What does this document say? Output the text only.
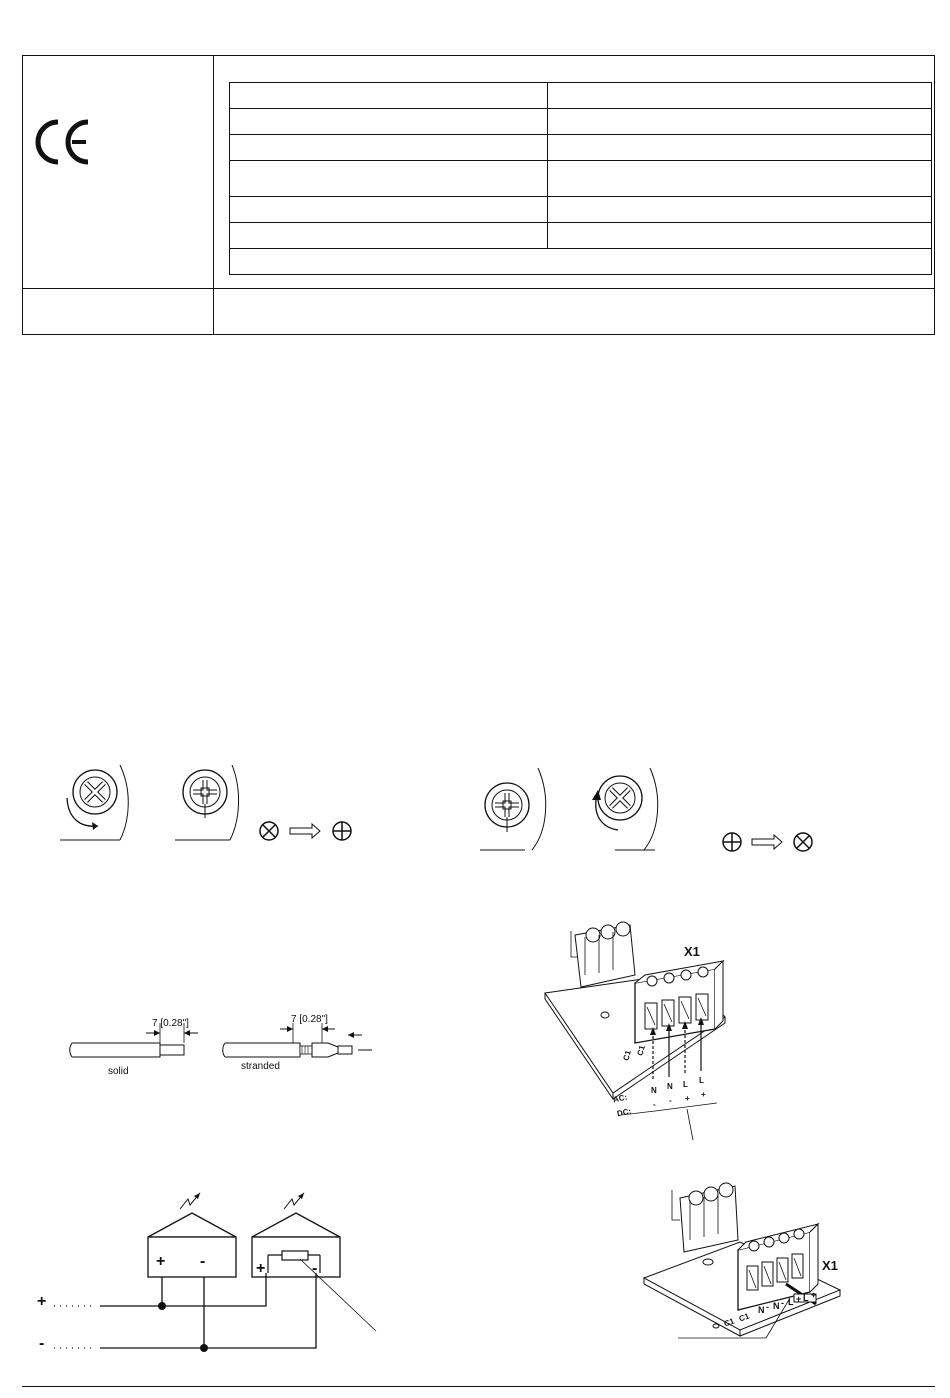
7 [0.28"]	7 [0.28"]
solid	stranded
X1
C1 C1
AC:
DC:
N N L L
- - + +
+
-
+ -	+	-	X1
C1 C1
N N L L
- - + +
